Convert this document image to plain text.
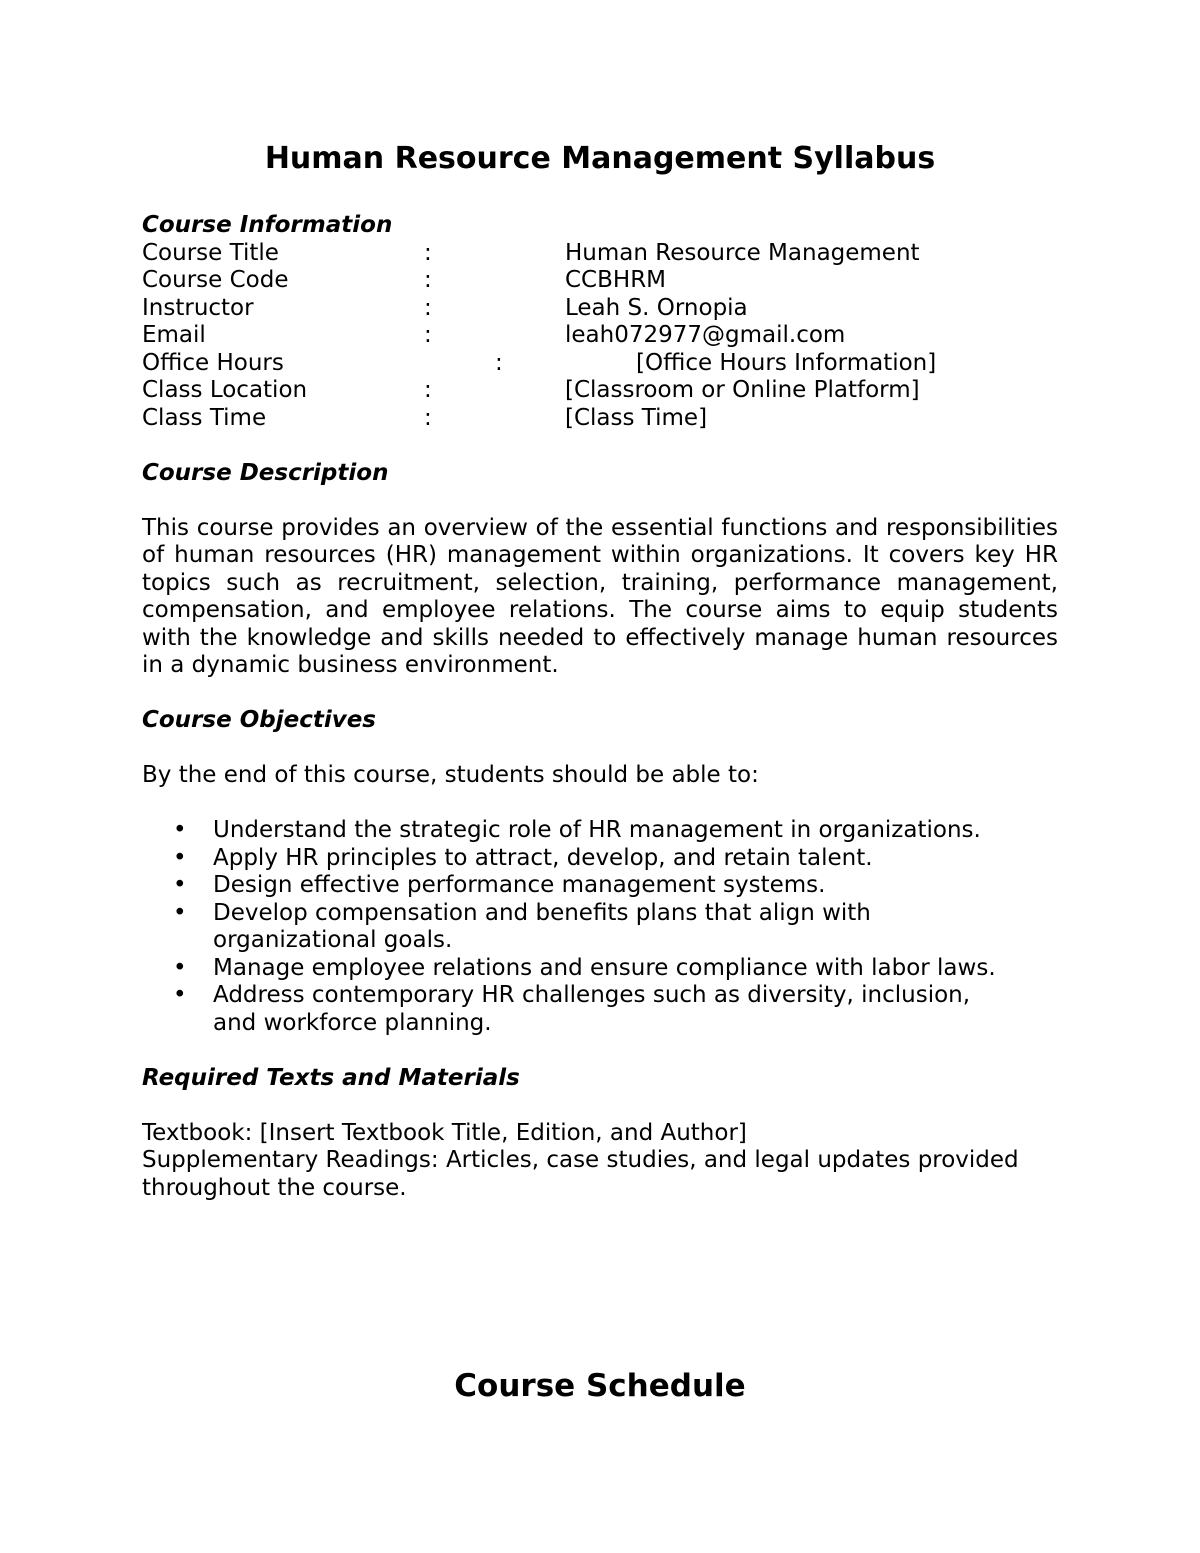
Human Resource Management Syllabus
Course Information
Course Title	:	Human Resource Management
Course Code	:	CCBHRM
Instructor	:	Leah S. Ornopia
Email	:	leah072977@gmail.com
Office Hours	:	[Office Hours Information]
Class Location	:	[Classroom or Online Platform]
Class Time	:	[Class Time]
Course Description

This course provides an overview of the essential functions and responsibilities of human resources (HR) management within organizations. It covers key HR topics such as recruitment, selection, training, performance management, compensation, and employee relations. The course aims to equip students with the knowledge and skills needed to effectively manage human resources in a dynamic business environment.

Course Objectives

By the end of this course, students should be able to:

• Understand the strategic role of HR management in organizations.
• Apply HR principles to attract, develop, and retain talent.
• Design effective performance management systems.
• Develop compensation and benefits plans that align with organizational goals.
• Manage employee relations and ensure compliance with labor laws.
• Address contemporary HR challenges such as diversity, inclusion, and workforce planning.
Required Texts and Materials

Textbook: [Insert Textbook Title, Edition, and Author]

Supplementary Readings: Articles, case studies, and legal updates provided throughout the course.

Course Schedule
